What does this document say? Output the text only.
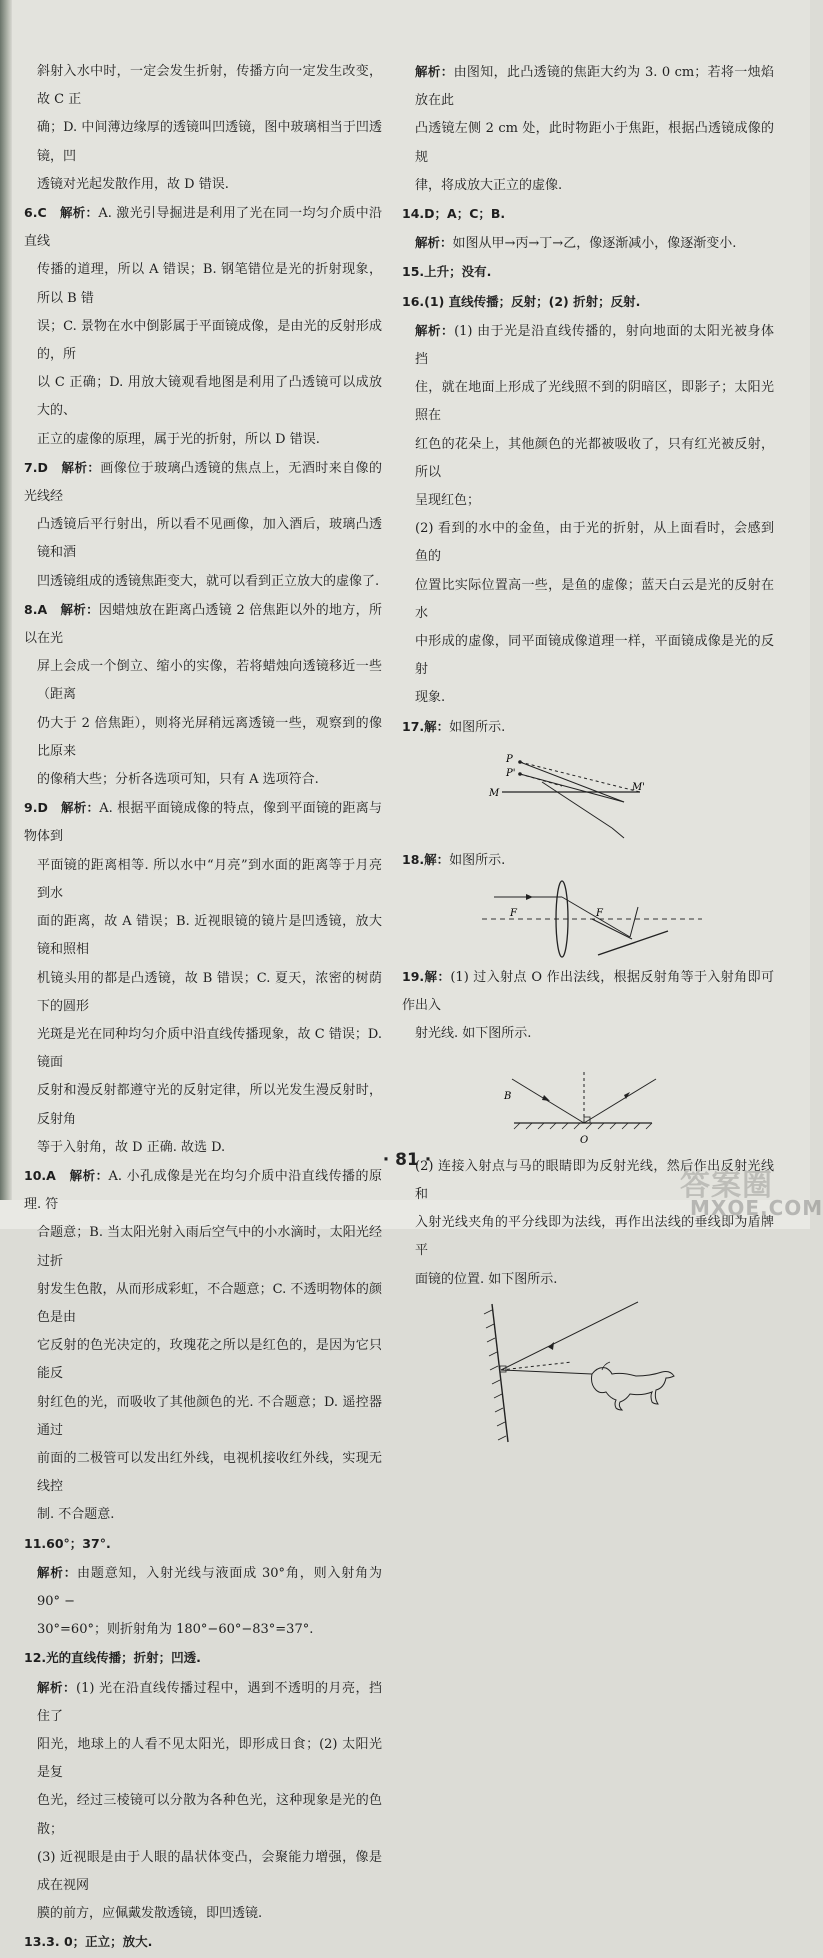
斜射入水中时，一定会发生折射，传播方向一定发生改变，故 C 正

确；D. 中间薄边缘厚的透镜叫凹透镜，图中玻璃相当于凹透镜，凹

透镜对光起发散作用，故 D 错误.

6.C 解析：A. 激光引导掘进是利用了光在同一均匀介质中沿直线

传播的道理，所以 A 错误；B. 钢笔错位是光的折射现象，所以 B 错

误；C. 景物在水中倒影属于平面镜成像，是由光的反射形成的，所

以 C 正确；D. 用放大镜观看地图是利用了凸透镜可以成放大的、

正立的虚像的原理，属于光的折射，所以 D 错误.

7.D 解析：画像位于玻璃凸透镜的焦点上，无酒时来自像的光线经

凸透镜后平行射出，所以看不见画像，加入酒后，玻璃凸透镜和酒

凹透镜组成的透镜焦距变大，就可以看到正立放大的虚像了.

8.A 解析：因蜡烛放在距离凸透镜 2 倍焦距以外的地方，所以在光

屏上会成一个倒立、缩小的实像，若将蜡烛向透镜移近一些（距离

仍大于 2 倍焦距），则将光屏稍远离透镜一些，观察到的像比原来

的像稍大些；分析各选项可知，只有 A 选项符合.

9.D 解析：A. 根据平面镜成像的特点，像到平面镜的距离与物体到

平面镜的距离相等. 所以水中“月亮”到水面的距离等于月亮到水

面的距离，故 A 错误；B. 近视眼镜的镜片是凹透镜，放大镜和照相

机镜头用的都是凸透镜，故 B 错误；C. 夏天，浓密的树荫下的圆形

光斑是光在同种均匀介质中沿直线传播现象，故 C 错误；D. 镜面

反射和漫反射都遵守光的反射定律，所以光发生漫反射时，反射角

等于入射角，故 D 正确. 故选 D.

10.A 解析：A. 小孔成像是光在均匀介质中沿直线传播的原理. 符

合题意；B. 当太阳光射入雨后空气中的小水滴时，太阳光经过折

射发生色散，从而形成彩虹，不合题意；C. 不透明物体的颜色是由

它反射的色光决定的，玫瑰花之所以是红色的，是因为它只能反

射红色的光，而吸收了其他颜色的光. 不合题意；D. 遥控器通过

前面的二极管可以发出红外线，电视机接收红外线，实现无线控

制. 不合题意.

11.60°；37°.

解析：由题意知，入射光线与液面成 30°角，则入射角为 90° −

30°=60°；则折射角为 180°−60°−83°=37°.

12.光的直线传播；折射；凹透.

解析：(1) 光在沿直线传播过程中，遇到不透明的月亮，挡住了

阳光，地球上的人看不见太阳光，即形成日食；(2) 太阳光是复

色光，经过三棱镜可以分散为各种色光，这种现象是光的色散；

(3) 近视眼是由于人眼的晶状体变凸，会聚能力增强，像是成在视网

膜的前方，应佩戴发散透镜，即凹透镜.

13.3. 0；正立；放大.

解析：由图知，此凸透镜的焦距大约为 3. 0 cm；若将一烛焰放在此

凸透镜左侧 2 cm 处，此时物距小于焦距，根据凸透镜成像的规

律，将成放大正立的虚像.

14.D；A；C；B.

解析：如图从甲→丙→丁→乙，像逐渐减小，像逐渐变小.

15.上升；没有.

16.(1) 直线传播；反射；(2) 折射；反射.

解析：(1) 由于光是沿直线传播的，射向地面的太阳光被身体挡

住，就在地面上形成了光线照不到的阴暗区，即影子；太阳光照在

红色的花朵上，其他颜色的光都被吸收了，只有红光被反射，所以

呈现红色；

(2) 看到的水中的金鱼，由于光的折射，从上面看时，会感到鱼的

位置比实际位置高一些，是鱼的虚像；蓝天白云是光的反射在水

中形成的虚像，同平面镜成像道理一样，平面镜成像是光的反射

现象.

17.解：如图所示.

P
P'
M
M'

18.解：如图所示.

F	F

19.解：(1) 过入射点 O 作出法线，根据反射角等于入射角即可作出入

射光线. 如下图所示.

B
O

(2) 连接入射点与马的眼睛即为反射光线，然后作出反射光线和

入射光线夹角的平分线即为法线，再作出法线的垂线即为盾牌平

面镜的位置. 如下图所示.

· 81 ·
答案圈
MXQE.COM
